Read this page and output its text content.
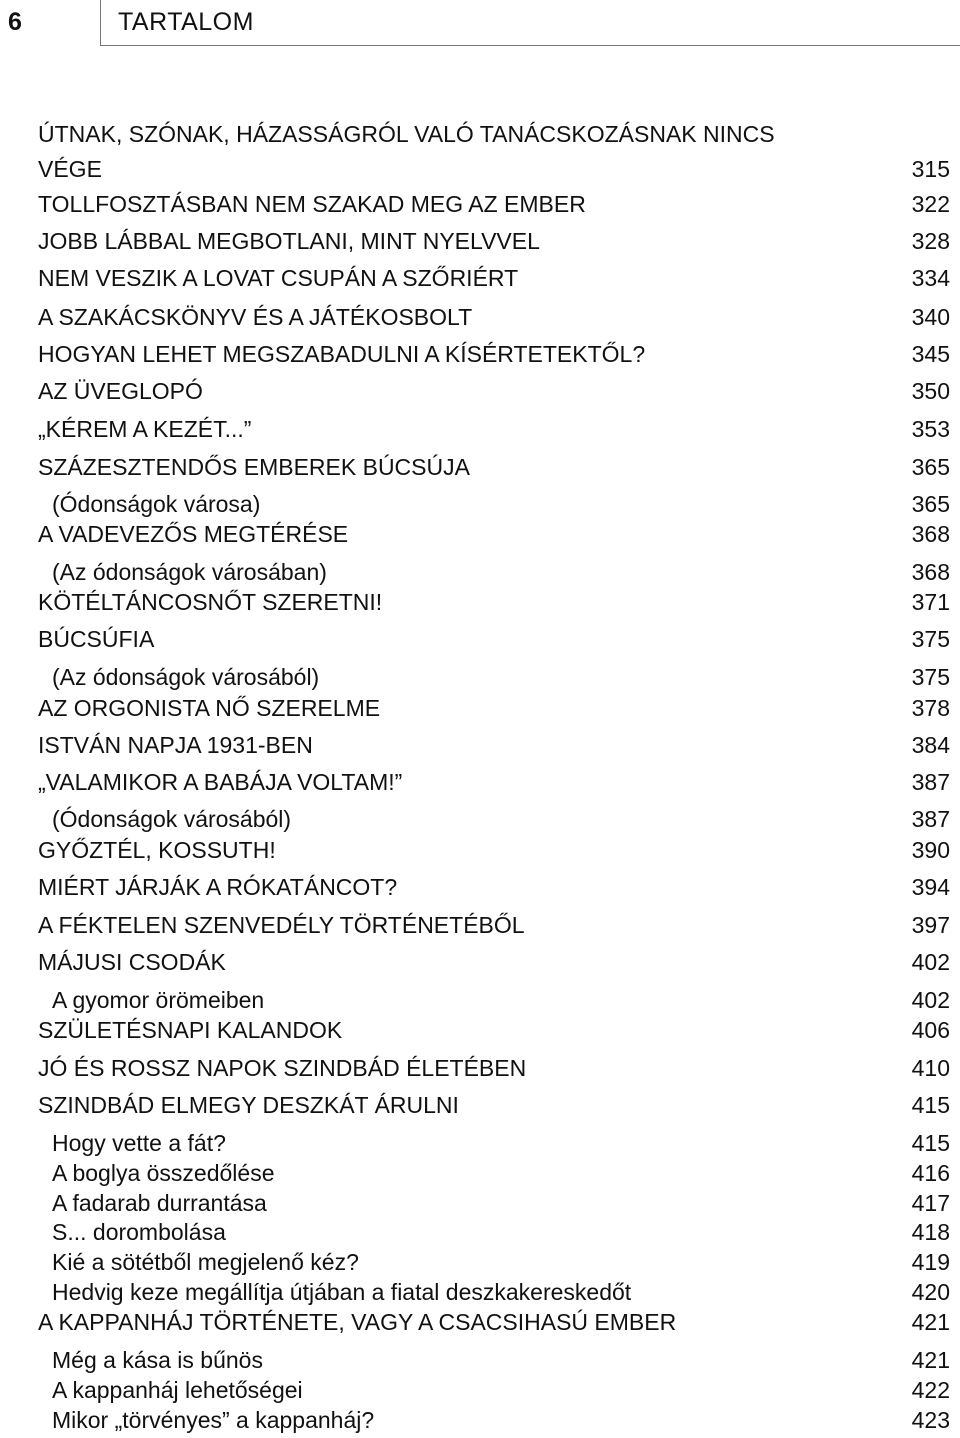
6	TARTALOM
ÚTNAK, SZÓNAK, HÁZASSÁGRÓL VALÓ TANÁCSKOZÁSNAK NINCS
VÉGE	315
TOLLFOSZTÁSBAN NEM SZAKAD MEG AZ EMBER	322
JOBB LÁBBAL MEGBOTLANI, MINT NYELVVEL	328
NEM VESZIK A LOVAT CSUPÁN A SZŐRIÉRT	334
A SZAKÁCSKÖNYV ÉS A JÁTÉKOSBOLT	340
HOGYAN LEHET MEGSZABADULNI A KÍSÉRTETEKTŐL?	345
AZ ÜVEGLOPÓ	350
„KÉREM A KEZÉT...”	353
SZÁZESZTENDŐS EMBEREK BÚCSÚJA	365
(Ódonságok városa)	365
A VADEVEZŐS MEGTÉRÉSE	368
(Az ódonságok városában)	368
KÖTÉLTÁNCOSNŐT SZERETNI!	371
BÚCSÚFIA	375
(Az ódonságok városából)	375
AZ ORGONISTA NŐ SZERELME	378
ISTVÁN NAPJA 1931-BEN	384
„VALAMIKOR A BABÁJA VOLTAM!”	387
(Ódonságok városából)	387
GYŐZTÉL, KOSSUTH!	390
MIÉRT JÁRJÁK A RÓKATÁNCOT?	394
A FÉKTELEN SZENVEDÉLY TÖRTÉNETÉBŐL	397
MÁJUSI CSODÁK	402
A gyomor örömeiben	402
SZÜLETÉSNAPI KALANDOK	406
JÓ ÉS ROSSZ NAPOK SZINDBÁD ÉLETÉBEN	410
SZINDBÁD ELMEGY DESZKÁT ÁRULNI	415
Hogy vette a fát?	415
A boglya összedőlése	416
A fadarab durrantása	417
S... dorombolása	418
Kié a sötétből megjelenő kéz?	419
Hedvig keze megállítja útjában a fiatal deszkakereskedőt	420
A KAPPANHÁJ TÖRTÉNETE, VAGY A CSACSIHASÚ EMBER	421
Még a kása is bűnös	421
A kappanháj lehetőségei	422
Mikor „törvényes” a kappanháj?	423
